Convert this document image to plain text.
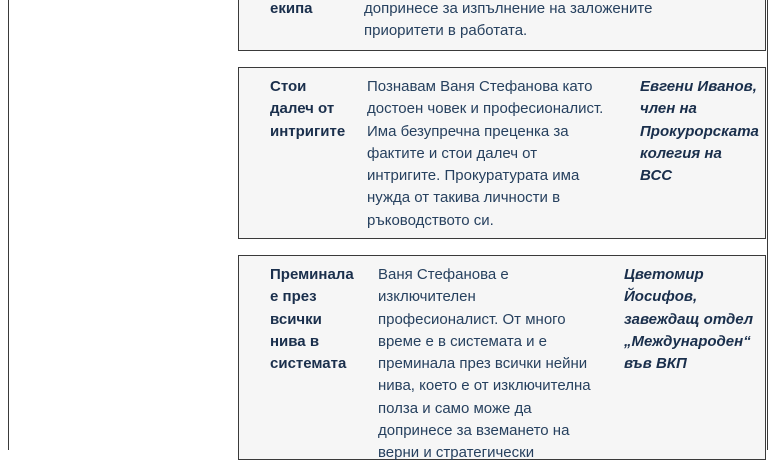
екипа	допринесе за изпълнение на заложените
приоритети в работата.
Стои
далеч от
интригите
Познавам Ваня Стефанова като
достоен човек и професионалист.
Има безупречна преценка за
фактите и стои далеч от
интригите. Прокуратурата има
нужда от такива личности в
ръководството си.
Евгени Иванов,
член на
Прокурорската
колегия на
ВСС
Преминала
е през
всички
нива в
системата
Ваня Стефанова е
изключителен
професионалист. От много
време е в системата и е
преминала през всички нейни
нива, което е от изключителна
полза и само може да
допринесе за вземането на
верни и стратегически
Цветомир
Йосифов,
завеждащ отдел
„Международен“
във ВКП
